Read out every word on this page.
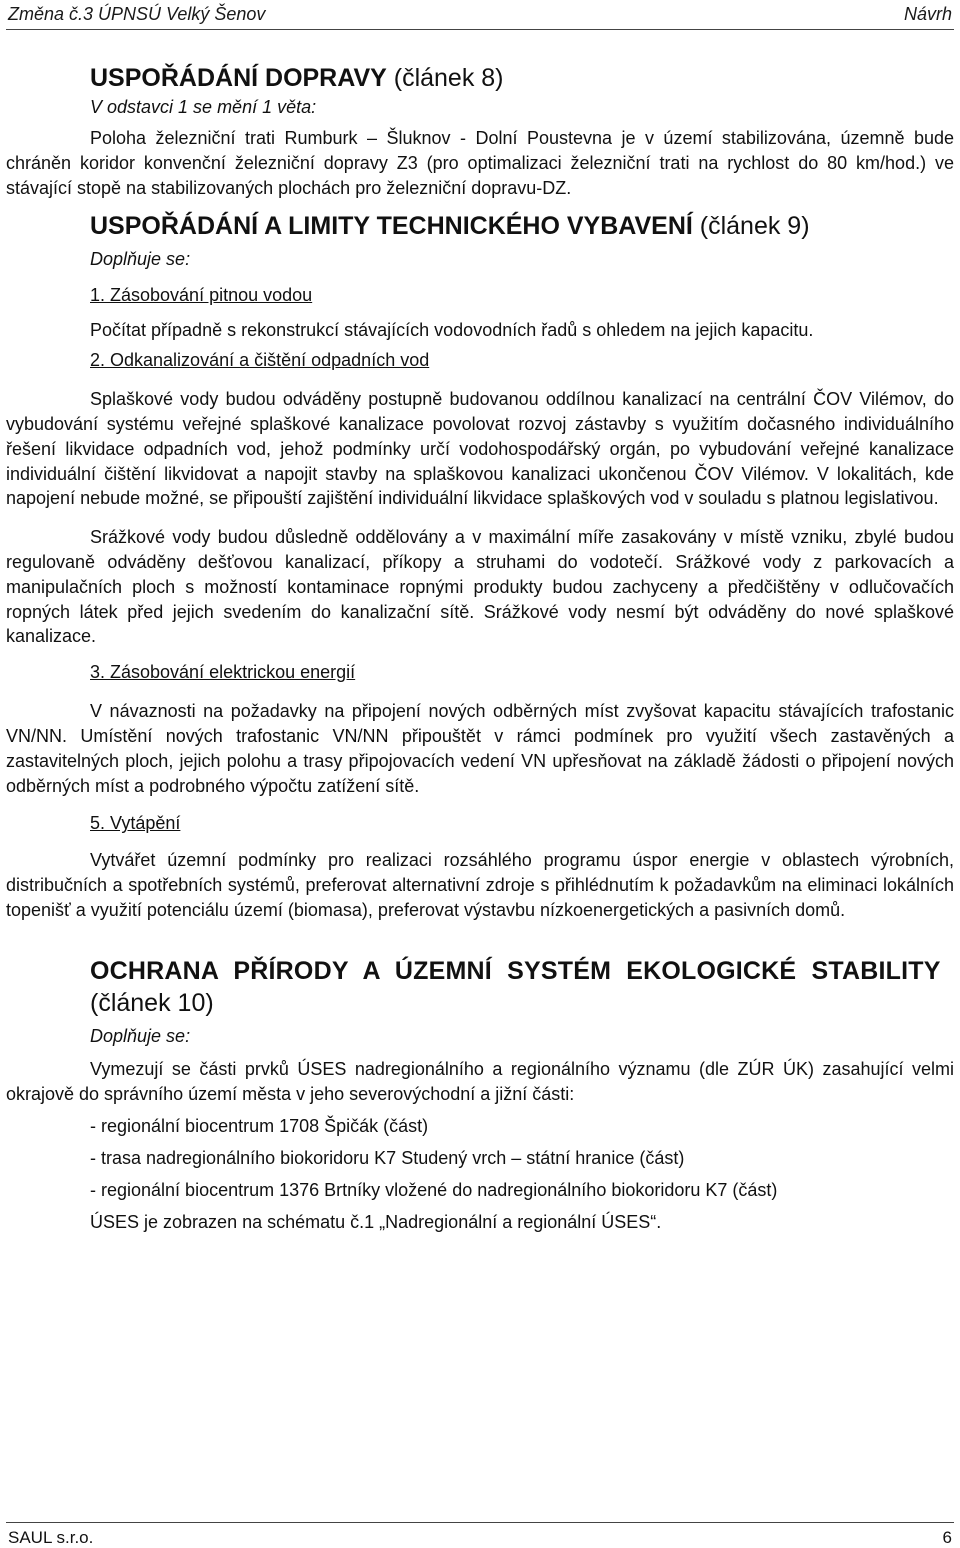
Změna č.3 ÚPNSÚ Velký Šenov	Návrh
USPOŘÁDÁNÍ DOPRAVY (článek 8)
V odstavci 1 se mění 1 věta:

Poloha železniční trati Rumburk – Šluknov - Dolní Poustevna je v území stabilizována, územně bude chráněn koridor konvenční železniční dopravy Z3 (pro optimalizaci železniční trati na rychlost do 80 km/hod.) ve stávající stopě na stabilizovaných plochách pro železniční dopravu-DZ.

USPOŘÁDÁNÍ A LIMITY TECHNICKÉHO VYBAVENÍ (článek 9)
Doplňuje se:
1. Zásobování pitnou vodou

Počítat případně s rekonstrukcí stávajících vodovodních řadů s ohledem na jejich kapacitu.

2. Odkanalizování a čištění odpadních vod

Splaškové vody budou odváděny postupně budovanou oddílnou kanalizací na centrální ČOV Vilémov, do vybudování systému veřejné splaškové kanalizace povolovat rozvoj zástavby s využitím dočasného individuálního řešení likvidace odpadních vod, jehož podmínky určí vodohospodářský orgán, po vybudování veřejné kanalizace individuální čištění likvidovat a napojit stavby na splaškovou kanalizaci ukončenou ČOV Vilémov. V lokalitách, kde napojení nebude možné, se připouští zajištění individuální likvidace splaškových vod v souladu s platnou legislativou.

Srážkové vody budou důsledně oddělovány a v maximální míře zasakovány v místě vzniku, zbylé budou regulovaně odváděny dešťovou kanalizací, příkopy a struhami do vodotečí. Srážkové vody z parkovacích a manipulačních ploch s možností kontaminace ropnými produkty budou zachyceny a předčištěny v odlučovačích ropných látek před jejich svedením do kanalizační sítě. Srážkové vody nesmí být odváděny do nové splaškové kanalizace.

3. Zásobování elektrickou energií

V návaznosti na požadavky na připojení nových odběrných míst zvyšovat kapacitu stávajících trafostanic VN/NN. Umístění nových trafostanic VN/NN připouštět v rámci podmínek pro využití všech zastavěných a zastavitelných ploch, jejich polohu a trasy připojovacích vedení VN upřesňovat na základě žádosti o připojení nových odběrných míst a podrobného výpočtu zatížení sítě.

5. Vytápění

Vytvářet územní podmínky pro realizaci rozsáhlého programu úspor energie v oblastech výrobních, distribučních a spotřebních systémů, preferovat alternativní zdroje s přihlédnutím k požadavkům na eliminaci lokálních topenišť a využití potenciálu území (biomasa), preferovat výstavbu nízkoenergetických a pasivních domů.

OCHRANA PŘÍRODY A ÚZEMNÍ SYSTÉM EKOLOGICKÉ STABILITY
(článek 10)
Doplňuje se:

Vymezují se části prvků ÚSES nadregionálního a regionálního významu (dle ZÚR ÚK) zasahující velmi okrajově do správního území města v jeho severovýchodní a jižní části:

- regionální biocentrum 1708 Špičák (část)
- trasa nadregionálního biokoridoru K7 Studený vrch – státní hranice (část)
- regionální biocentrum 1376 Brtníky vložené do nadregionálního biokoridoru K7 (část)
ÚSES je zobrazen na schématu č.1 „Nadregionální a regionální ÚSES“.
SAUL s.r.o.	6
